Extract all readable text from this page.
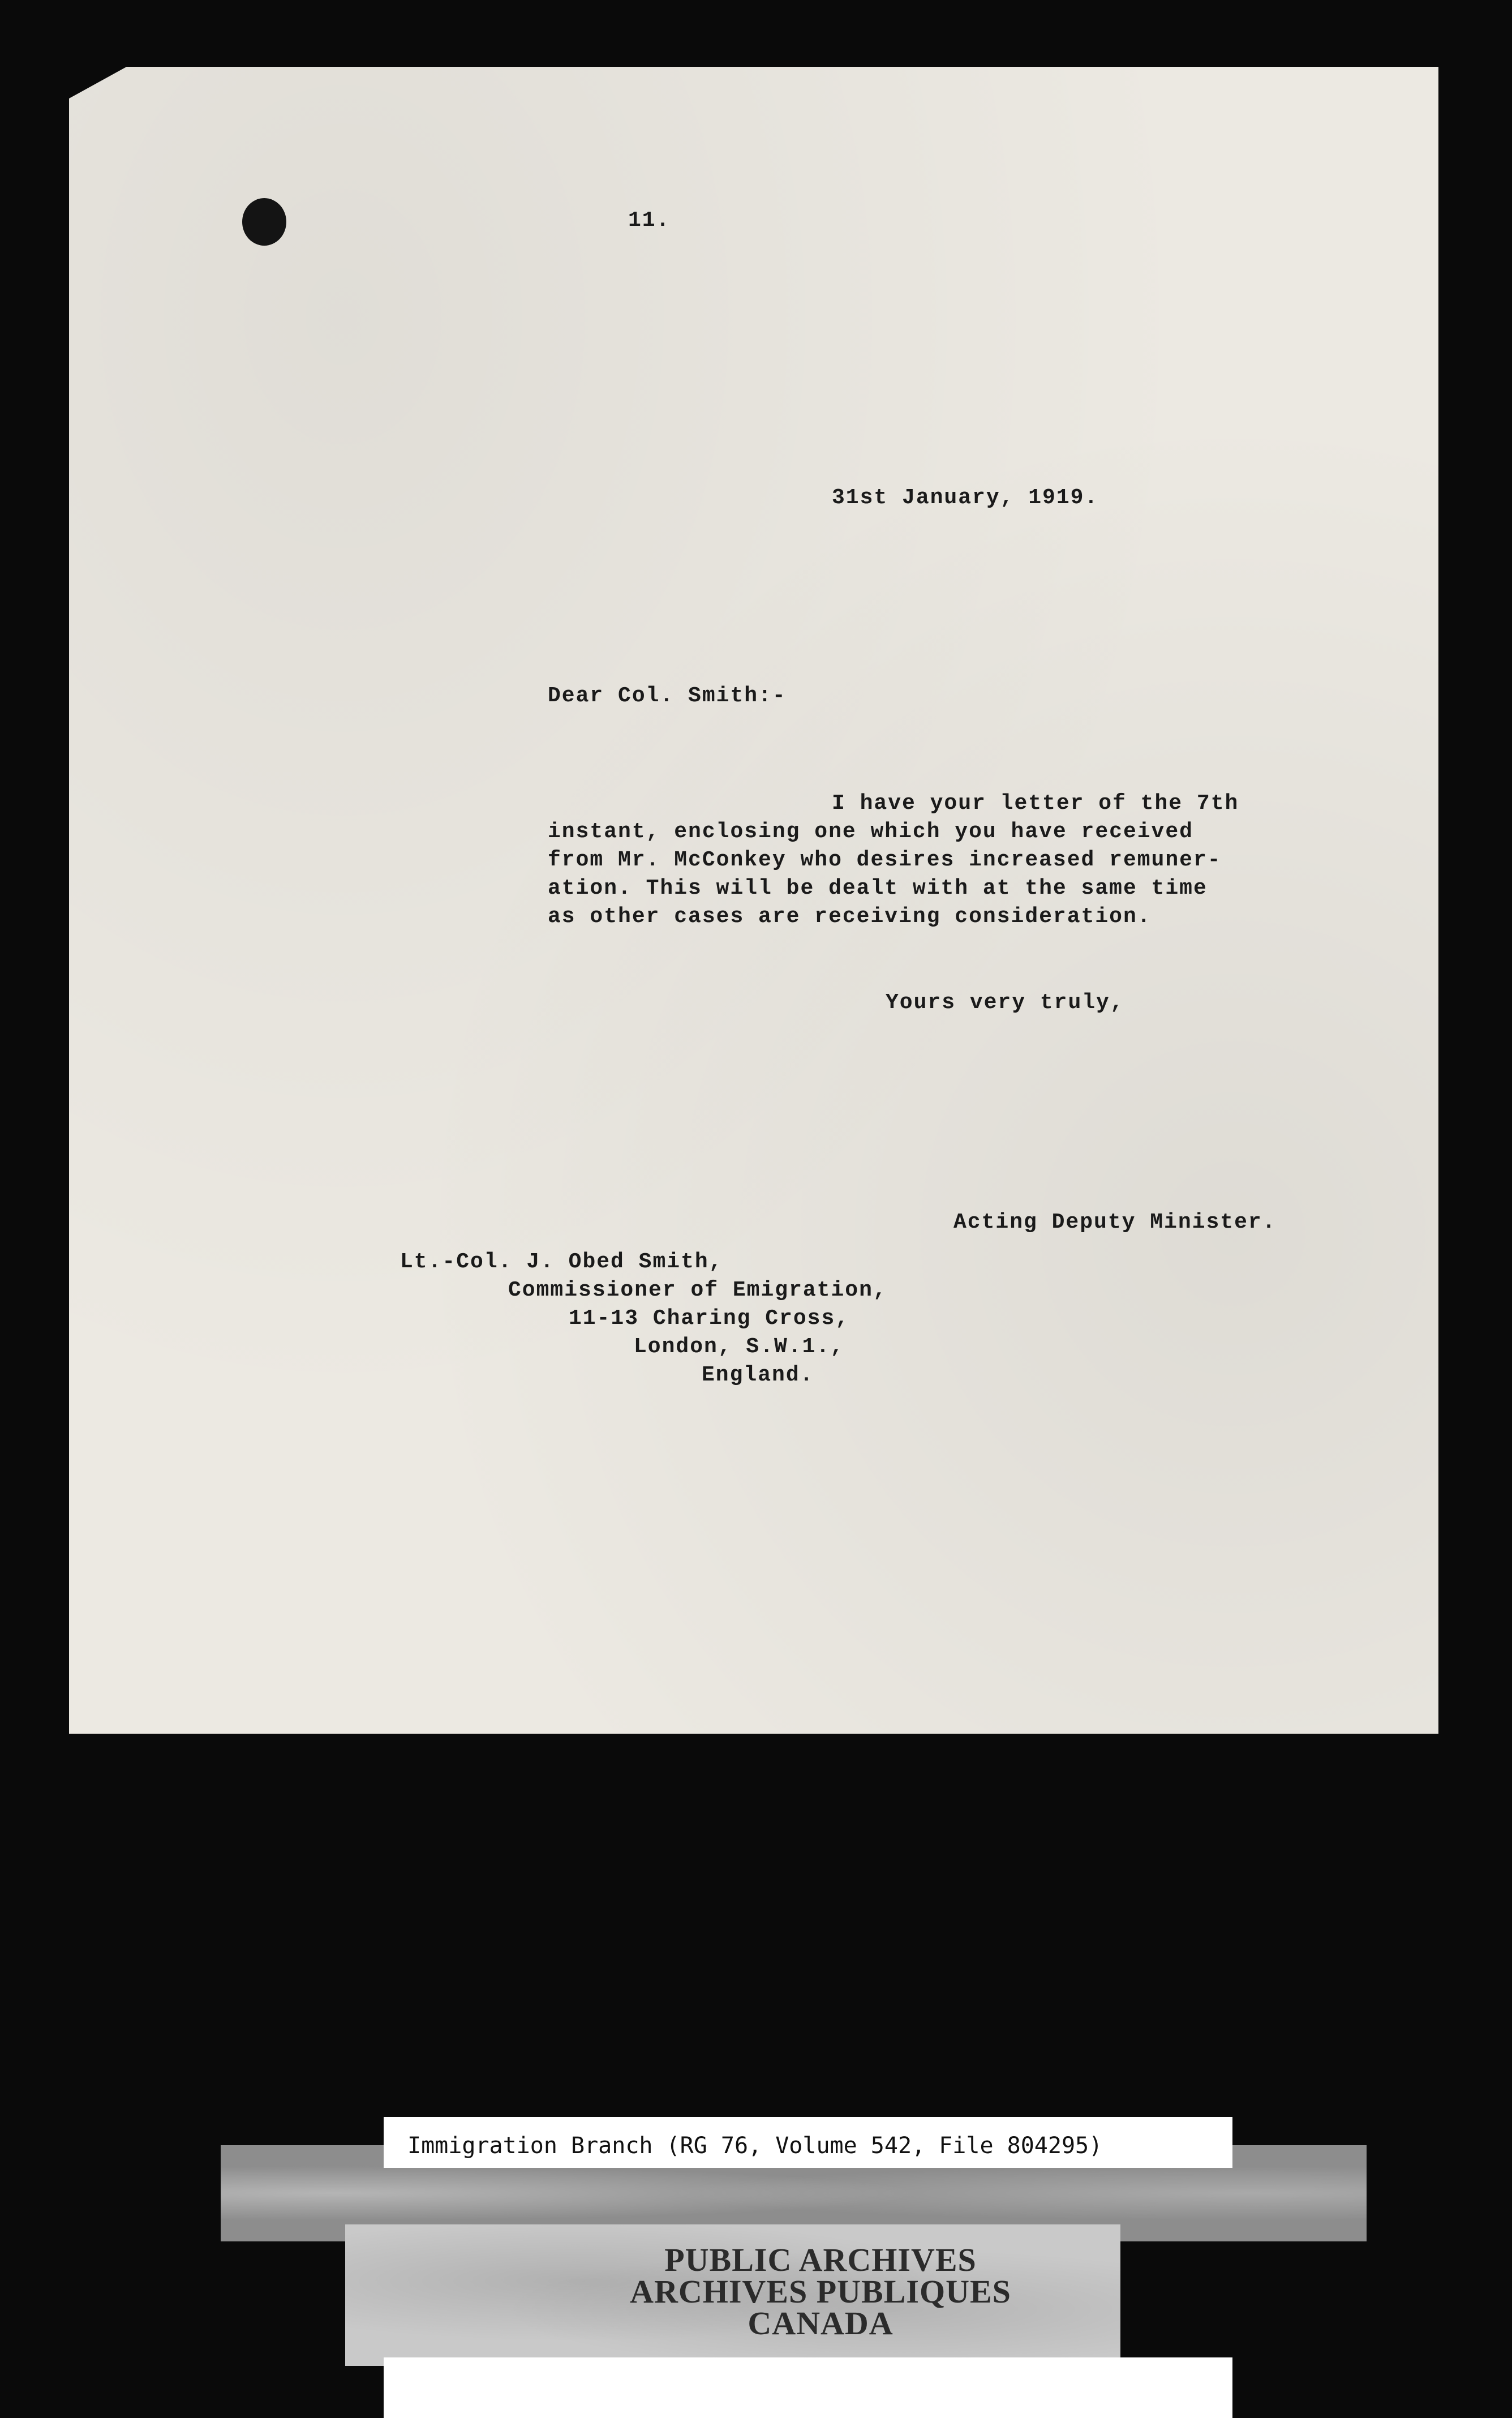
11.
31st January, 1919.
Dear Col. Smith:-
I have your letter of the 7th
instant, enclosing one which you have received
from Mr. McConkey who desires increased remuner-
ation. This will be dealt with at the same time
as other cases are receiving consideration.
Yours very truly,
Acting Deputy Minister.
Lt.-Col. J. Obed Smith,
Commissioner of Emigration,
11-13 Charing Cross,
London, S.W.1.,
England.
Immigration Branch (RG 76, Volume 542, File 804295)
PUBLIC ARCHIVES
ARCHIVES PUBLIQUES
CANADA
